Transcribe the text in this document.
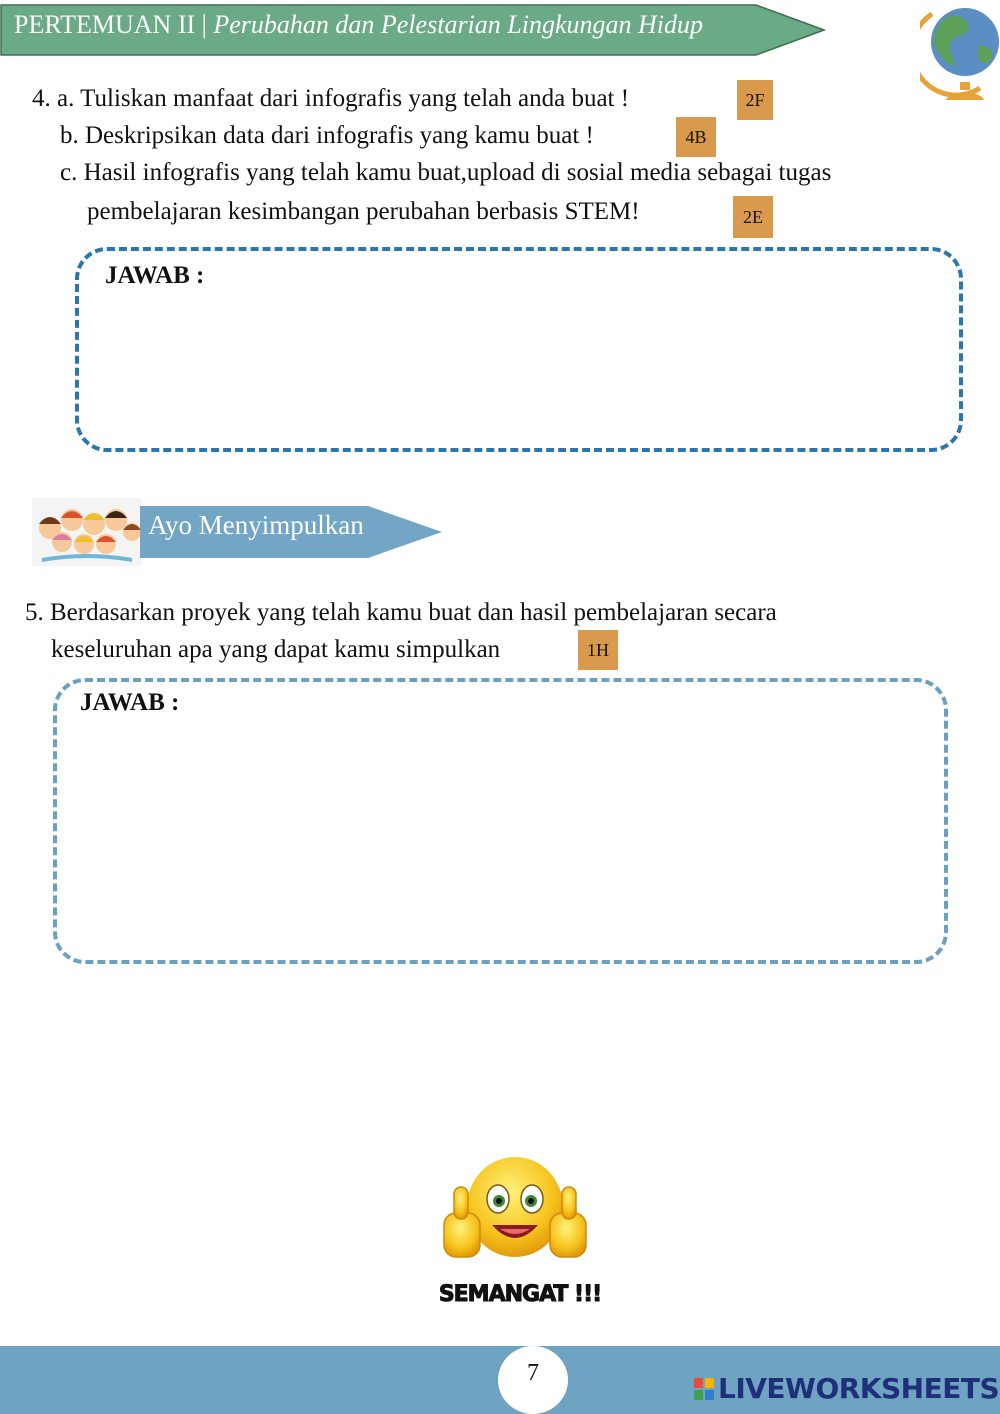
PERTEMUAN II | Perubahan dan Pelestarian Lingkungan Hidup
4. a. Tuliskan manfaat dari infografis yang telah anda buat !	2F
b. Deskripsikan data dari infografis yang kamu buat !	4B
c. Hasil infografis yang telah kamu buat,upload di sosial media sebagai tugas
pembelajaran kesimbangan perubahan berbasis STEM!	2E
JAWAB :
Ayo Menyimpulkan
5. Berdasarkan proyek yang telah kamu buat dan hasil pembelajaran secara
keseluruhan apa yang dapat kamu simpulkan	1H
JAWAB :
SEMANGAT !!!
7	LIVEWORKSHEETS
